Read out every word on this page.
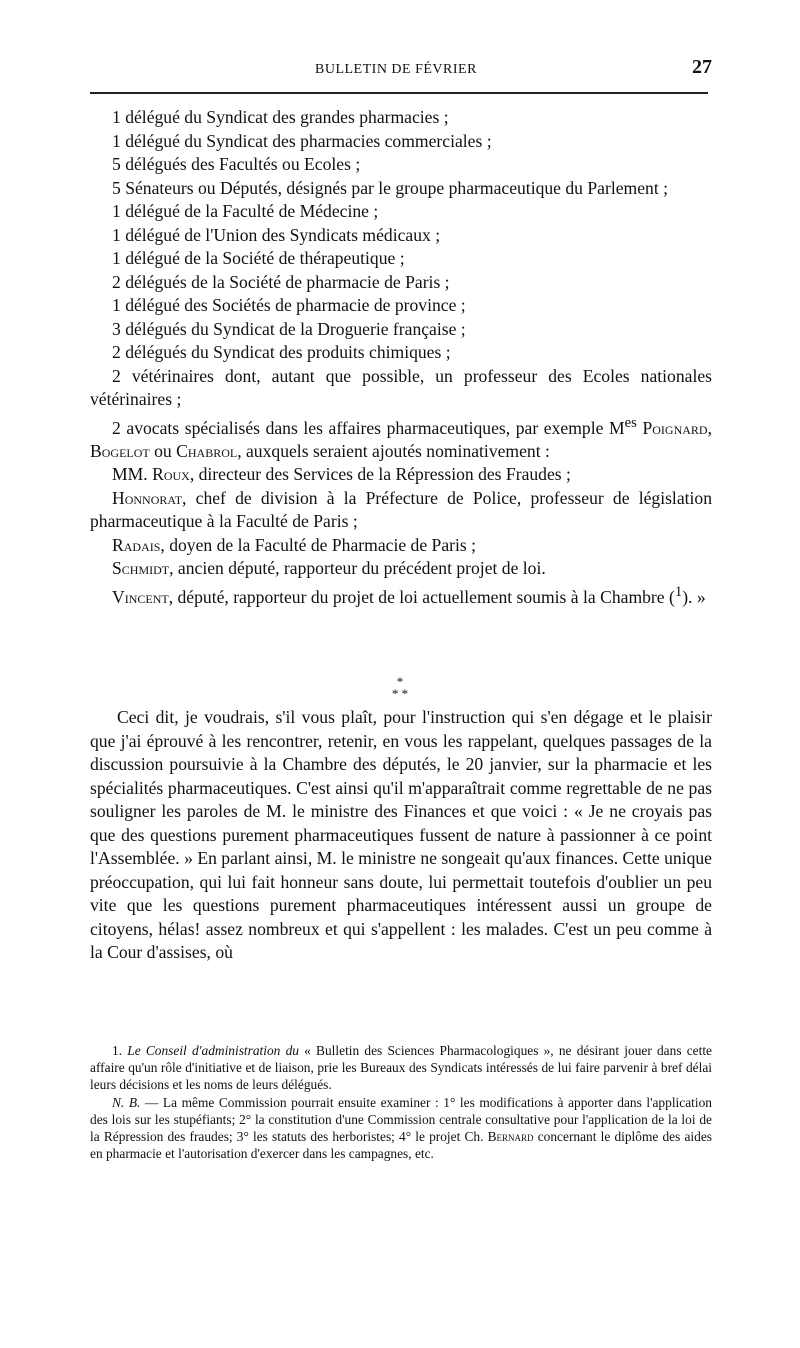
BULLETIN DE FÉVRIER	27
1 délégué du Syndicat des grandes pharmacies ;
1 délégué du Syndicat des pharmacies commerciales ;
5 délégués des Facultés ou Ecoles ;
5 Sénateurs ou Députés, désignés par le groupe pharmaceutique du Parlement ;
1 délégué de la Faculté de Médecine ;
1 délégué de l'Union des Syndicats médicaux ;
1 délégué de la Société de thérapeutique ;
2 délégués de la Société de pharmacie de Paris ;
1 délégué des Sociétés de pharmacie de province ;
3 délégués du Syndicat de la Droguerie française ;
2 délégués du Syndicat des produits chimiques ;
2 vétérinaires dont, autant que possible, un professeur des Ecoles nationales vétérinaires ;
2 avocats spécialisés dans les affaires pharmaceutiques, par exemple $M^{es}$ Poignard, Bogelot ou Chabrol, auxquels seraient ajoutés nominativement :
MM. Roux, directeur des Services de la Répression des Fraudes ;
Honnorat, chef de division à la Préfecture de Police, professeur de législation pharmaceutique à la Faculté de Paris ;
Radais, doyen de la Faculté de Pharmacie de Paris ;
Schmidt, ancien député, rapporteur du précédent projet de loi.
Vincent, député, rapporteur du projet de loi actuellement soumis à la Chambre ($^1$). »
*
* *
Ceci dit, je voudrais, s'il vous plaît, pour l'instruction qui s'en dégage et le plaisir que j'ai éprouvé à les rencontrer, retenir, en vous les rappelant, quelques passages de la discussion poursuivie à la Chambre des députés, le 20 janvier, sur la pharmacie et les spécialités pharmaceutiques. C'est ainsi qu'il m'apparaîtrait comme regrettable de ne pas souligner les paroles de M. le ministre des Finances et que voici : « Je ne croyais pas que des questions purement pharmaceutiques fussent de nature à passionner à ce point l'Assemblée. » En parlant ainsi, M. le ministre ne songeait qu'aux finances. Cette unique préoccupation, qui lui fait honneur sans doute, lui permettait toutefois d'oublier un peu vite que les questions purement pharmaceutiques intéressent aussi un groupe de citoyens, hélas! assez nombreux et qui s'appellent : les malades. C'est un peu comme à la Cour d'assises, où
1. Le Conseil d'administration du « Bulletin des Sciences Pharmacologiques », ne désirant jouer dans cette affaire qu'un rôle d'initiative et de liaison, prie les Bureaux des Syndicats intéressés de lui faire parvenir à bref délai leurs décisions et les noms de leurs délégués.
N. B. — La même Commission pourrait ensuite examiner : 1° les modifications à apporter dans l'application des lois sur les stupéfiants; 2° la constitution d'une Commission centrale consultative pour l'application de la loi de la Répression des fraudes; 3° les statuts des herboristes; 4° le projet Ch. Bernard concernant le diplôme des aides en pharmacie et l'autorisation d'exercer dans les campagnes, etc.
